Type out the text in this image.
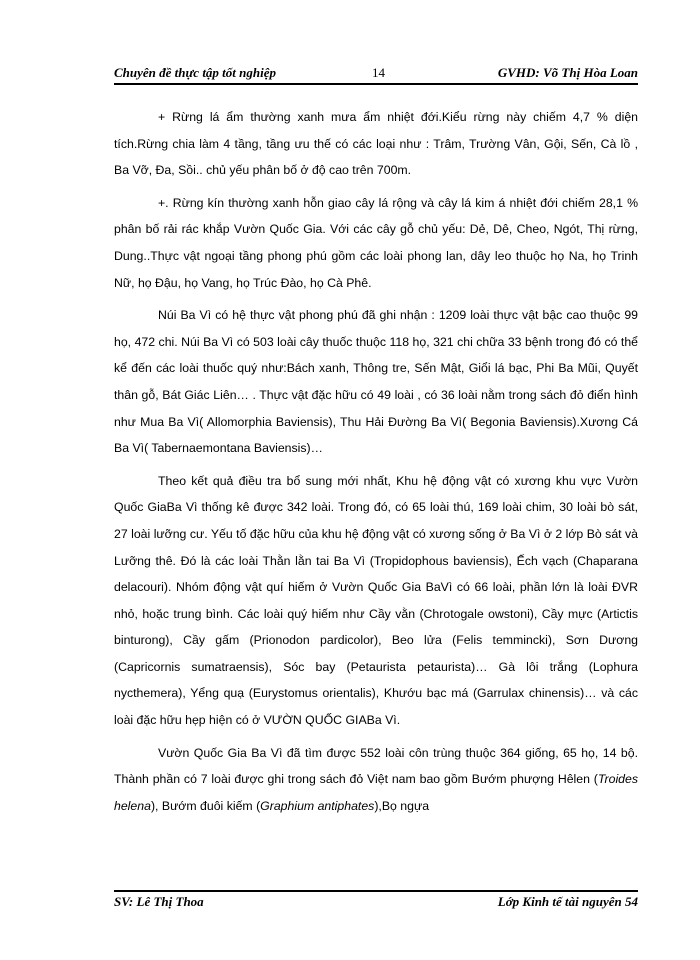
Chuyên đề thực tập tốt nghiệp	14	GVHD: Võ Thị Hòa Loan

+ Rừng lá ẩm thường xanh mưa ẩm nhiệt đới.Kiểu rừng này chiếm 4,7 % diện tích.Rừng chia làm 4 tầng, tầng ưu thế có các loại như : Trâm, Trường Vân, Gội, Sến, Cà lồ , Ba Vỡ, Đa, Sồi.. chủ yếu phân bố ở độ cao trên 700m.

+. Rừng kín thường xanh hỗn giao cây lá rộng và cây lá kim á nhiệt đới chiếm 28,1 % phân bố rải rác khắp Vườn Quốc Gia. Với các cây gỗ chủ yếu: Dẻ, Dê, Cheo, Ngót, Thị rừng, Dung..Thực vật ngoại tầng phong phú gồm các loài phong lan, dây leo thuộc họ Na, họ Trinh Nữ, họ Đậu, họ Vang, họ Trúc Đào, họ Cà Phê.

Núi Ba Vì có hệ thực vật phong phú đã ghi nhận : 1209 loài thực vật bậc cao thuộc 99 họ, 472 chi. Núi Ba Vì có 503 loài cây thuốc thuộc 118 họ, 321 chi chữa 33 bệnh trong đó có thể kể đến các loài thuốc quý như:Bách xanh, Thông tre, Sến Mật, Giổi lá bạc, Phi Ba Mũi, Quyết thân gỗ, Bát Giác Liên… . Thực vật đặc hữu có 49 loài , có 36 loài nằm trong sách đỏ điển hình như Mua Ba Vì( Allomorphia Baviensis), Thu Hải Đường Ba Vì( Begonia Baviensis).Xương Cá Ba Vì( Tabernaemontana Baviensis)…

Theo kết quả điều tra bổ sung mới nhất, Khu hệ động vật có xương khu vực Vườn Quốc GiaBa Vì thống kê được 342 loài. Trong đó, có 65 loài thú, 169 loài chim, 30 loài bò sát, 27 loài lưỡng cư. Yếu tố đặc hữu của khu hệ động vật có xương sống ở Ba Vì ở 2 lớp Bò sát và Lưỡng thê. Đó là các loài Thằn lằn tai Ba Vì (Tropidophous baviensis), Ếch vạch (Chaparana delacouri). Nhóm động vật quí hiếm ở Vườn Quốc Gia BaVì có 66 loài, phần lớn là loài ĐVR nhỏ, hoặc trung bình. Các loài quý hiếm như Cầy vằn (Chrotogale owstoni), Cầy mực (Artictis binturong), Cầy gấm (Prionodon pardicolor), Beo lửa (Felis temmincki), Sơn Dương (Capricornis sumatraensis), Sóc bay (Petaurista petaurista)… Gà lôi trắng (Lophura nycthemera), Yểng quạ (Eurystomus orientalis), Khướu bạc má (Garrulax chinensis)… và các loài đặc hữu hẹp hiện có ở VƯỜN QUỐC GIABa Vì.

Vườn Quốc Gia Ba Vì đã tìm được 552 loài côn trùng thuộc 364 giống, 65 họ, 14 bộ. Thành phần có 7 loài được ghi trong sách đỏ Việt nam bao gồm Bướm phượng Hêlen (Troides helena), Bướm đuôi kiếm (Graphium antiphates),Bọ ngựa

SV: Lê Thị Thoa	Lớp Kinh tế tài nguyên 54
